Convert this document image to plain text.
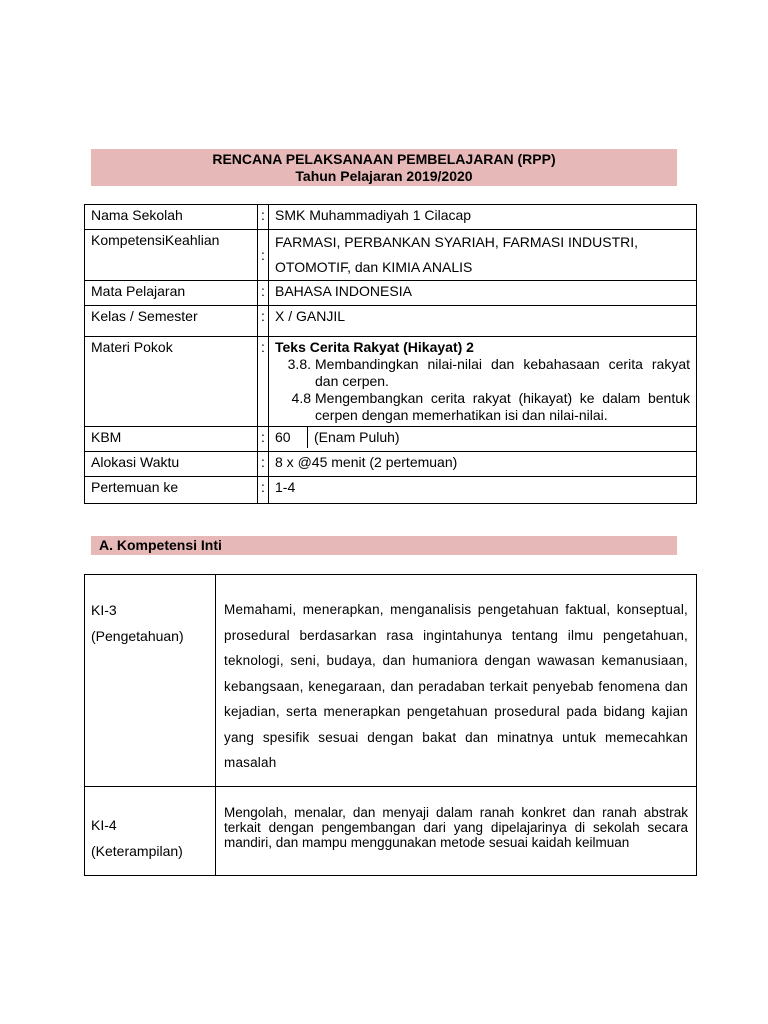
RENCANA PELAKSANAAN PEMBELAJARAN (RPP)
Tahun Pelajaran 2019/2020
Nama Sekolah	:	SMK Muhammadiyah 1 Cilacap
KompetensiKeahlian	:	FARMASI, PERBANKAN SYARIAH, FARMASI INDUSTRI,
OTOMOTIF, dan KIMIA ANALIS

Mata Pelajaran	:	BAHASA INDONESIA
Kelas / Semester	:	X / GANJIL
Materi Pokok	:	Teks Cerita Rakyat (Hikayat) 2
3.8. Membandingkan nilai-nilai dan kebahasaan cerita rakyat dan cerpen.
4.8 Mengembangkan cerita rakyat (hikayat) ke dalam bentuk cerpen dengan memerhatikan isi dan nilai-nilai.

KBM	:	60 (Enam Puluh)

Alokasi Waktu	:	8 x @45 menit (2 pertemuan)
Pertemuan ke	:	1-4
A. Kompetensi Inti
KI-3
(Pengetahuan)	Memahami, menerapkan, menganalisis pengetahuan faktual, konseptual, prosedural berdasarkan rasa ingintahunya tentang ilmu pengetahuan, teknologi, seni, budaya, dan humaniora dengan wawasan kemanusiaan, kebangsaan, kenegaraan, dan peradaban terkait penyebab fenomena dan kejadian, serta menerapkan pengetahuan prosedural pada bidang kajian yang spesifik sesuai dengan bakat dan minatnya untuk memecahkan masalah

KI-4
(Keterampilan)	Mengolah, menalar, dan menyaji dalam ranah konkret dan ranah abstrak terkait dengan pengembangan dari yang dipelajarinya di sekolah secara mandiri, dan mampu menggunakan metode sesuai kaidah keilmuan
